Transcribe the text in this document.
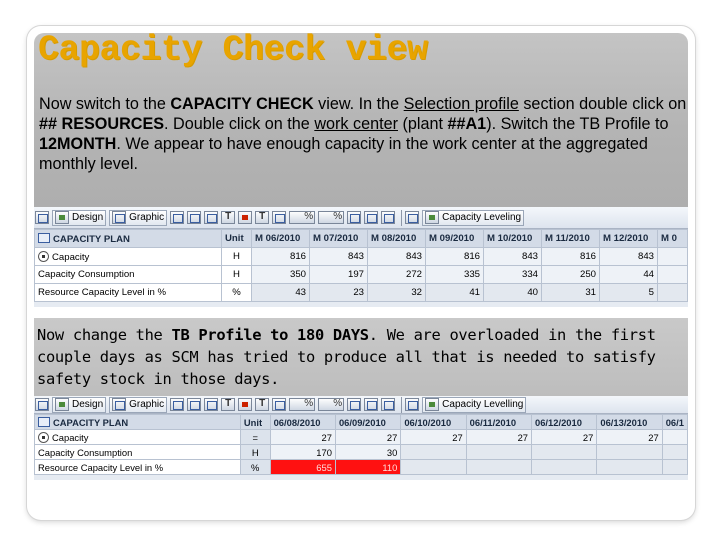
Capacity Check view
Now switch to the CAPACITY CHECK view. In the Selection profile section double click on ## RESOURCES. Double click on the work center (plant ##A1). Switch the TB Profile to 12MONTH. We appear to have enough capacity in the work center at the aggregated monthly level.
Design	Graphic T T % %	Capacity Leveling
CAPACITY PLAN	Unit	M 06/2010	M 07/2010	M 08/2010	M 09/2010	M 10/2010	M 11/2010	M 12/2010	M 0
Capacity	H	816	843	843	816	843	816	843	
Capacity Consumption	H	350	197	272	335	334	250	44	
Resource Capacity Level in %	%	43	23	32	41	40	31	5	
Now change the TB Profile to 180 DAYS. We are overloaded in the first couple days as SCM has tried to produce all that is needed to satisfy safety stock in those days.
Design	Graphic T T % %	Capacity Levelling
CAPACITY PLAN	Unit	06/08/2010	06/09/2010	06/10/2010	06/11/2010	06/12/2010	06/13/2010	06/1
Capacity	=	27	27	27	27	27	27	
Capacity Consumption	H	170	30					
Resource Capacity Level in %	%	655	110					
